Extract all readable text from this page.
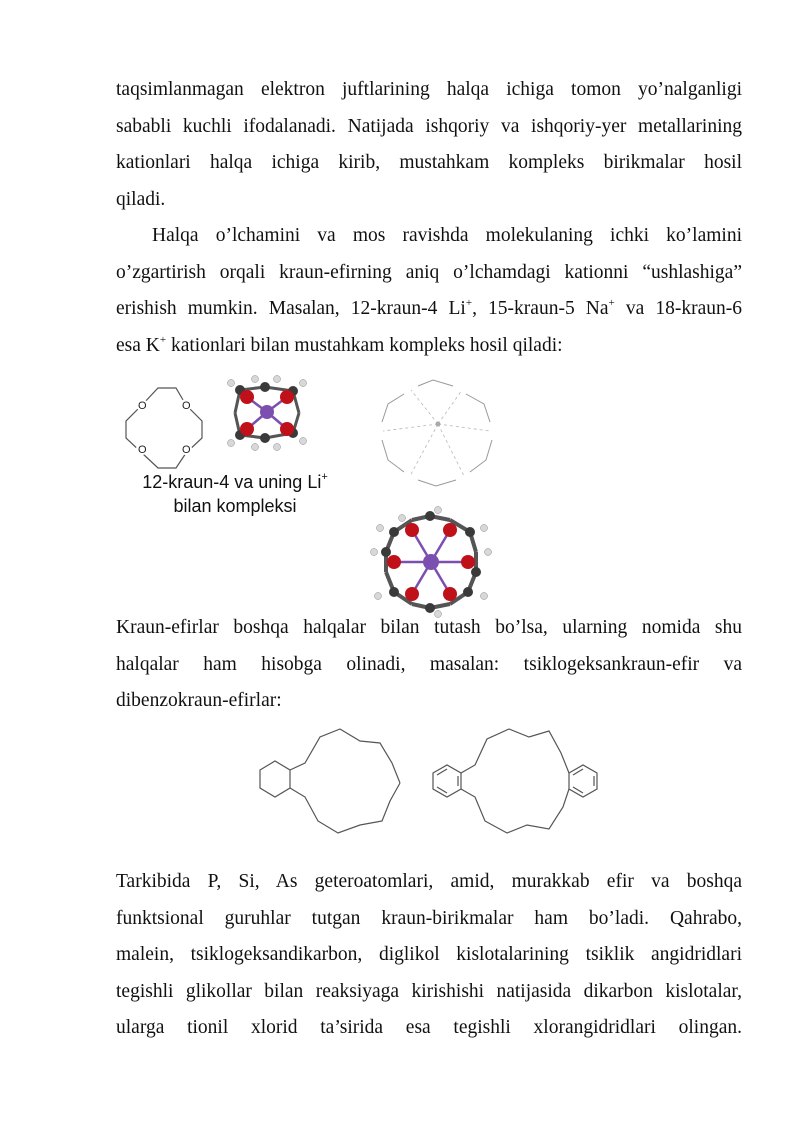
taqsimlanmagan elektron juftlarining halqa ichiga tomon yo’nalganligi
sababli kuchli ifodalanadi. Natijada ishqoriy va ishqoriy-yer metallarining
kationlari halqa ichiga kirib, mustahkam kompleks birikmalar hosil
qiladi.
Halqa o’lchamini va mos ravishda molekulaning ichki ko’lamini
o’zgartirish orqali kraun-efirning aniq o’lchamdagi kationni “ushlashiga”
erishish mumkin. Masalan, 12-kraun-4 Li+, 15-kraun-5 Na+ va 18-kraun-6
esa K+ kationlari bilan mustahkam kompleks hosil qiladi:
O	O
O
O
12-kraun-4 va uning Li+
bilan kompleksi
Kraun-efirlar boshqa halqalar bilan tutash bo’lsa, ularning nomida shu
halqalar ham hisobga olinadi, masalan: tsiklogeksankraun-efir va
dibenzokraun-efirlar:
Tarkibida P, Si, As geteroatomlari, amid, murakkab efir va boshqa
funktsional guruhlar tutgan kraun-birikmalar ham bo’ladi. Qahrabo,
malein, tsiklogeksandikarbon, diglikol kislotalarining tsiklik angidridlari
tegishli glikollar bilan reaksiyaga kirishishi natijasida dikarbon kislotalar,
ularga tionil xlorid ta’sirida esa tegishli xlorangidridlari olingan.
